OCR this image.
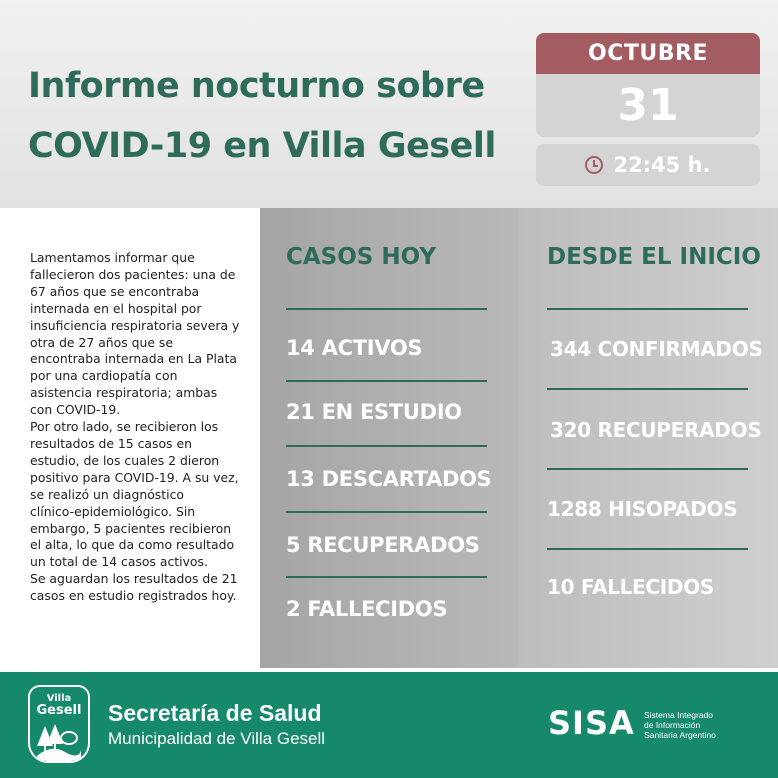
Informe nocturno sobre
COVID-19 en Villa Gesell
OCTUBRE
31
22:45 h.

Lamentamos informar que
fallecieron dos pacientes: una de
67 años que se encontraba
internada en el hospital por
insuficiencia respiratoria severa y
otra de 27 años que se
encontraba internada en La Plata
por una cardiopatía con
asistencia respiratoria; ambas
con COVID-19.

Por otro lado, se recibieron los
resultados de 15 casos en
estudio, de los cuales 2 dieron
positivo para COVID-19. A su vez,
se realizó un diagnóstico
clínico-epidemiológico. Sin
embargo, 5 pacientes recibieron
el alta, lo que da como resultado
un total de 14 casos activos.

Se aguardan los resultados de 21
casos en estudio registrados hoy.

CASOS HOY
14 ACTIVOS
21 EN ESTUDIO
13 DESCARTADOS
5 RECUPERADOS
2 FALLECIDOS
DESDE EL INICIO
344 CONFIRMADOS
320 RECUPERADOS
1288 HISOPADOS
10 FALLECIDOS
Villa
Gesell Secretaría de Salud
Municipalidad de Villa Gesell	SISA Sistema Integrado
de Información
Sanitaria Argentino
